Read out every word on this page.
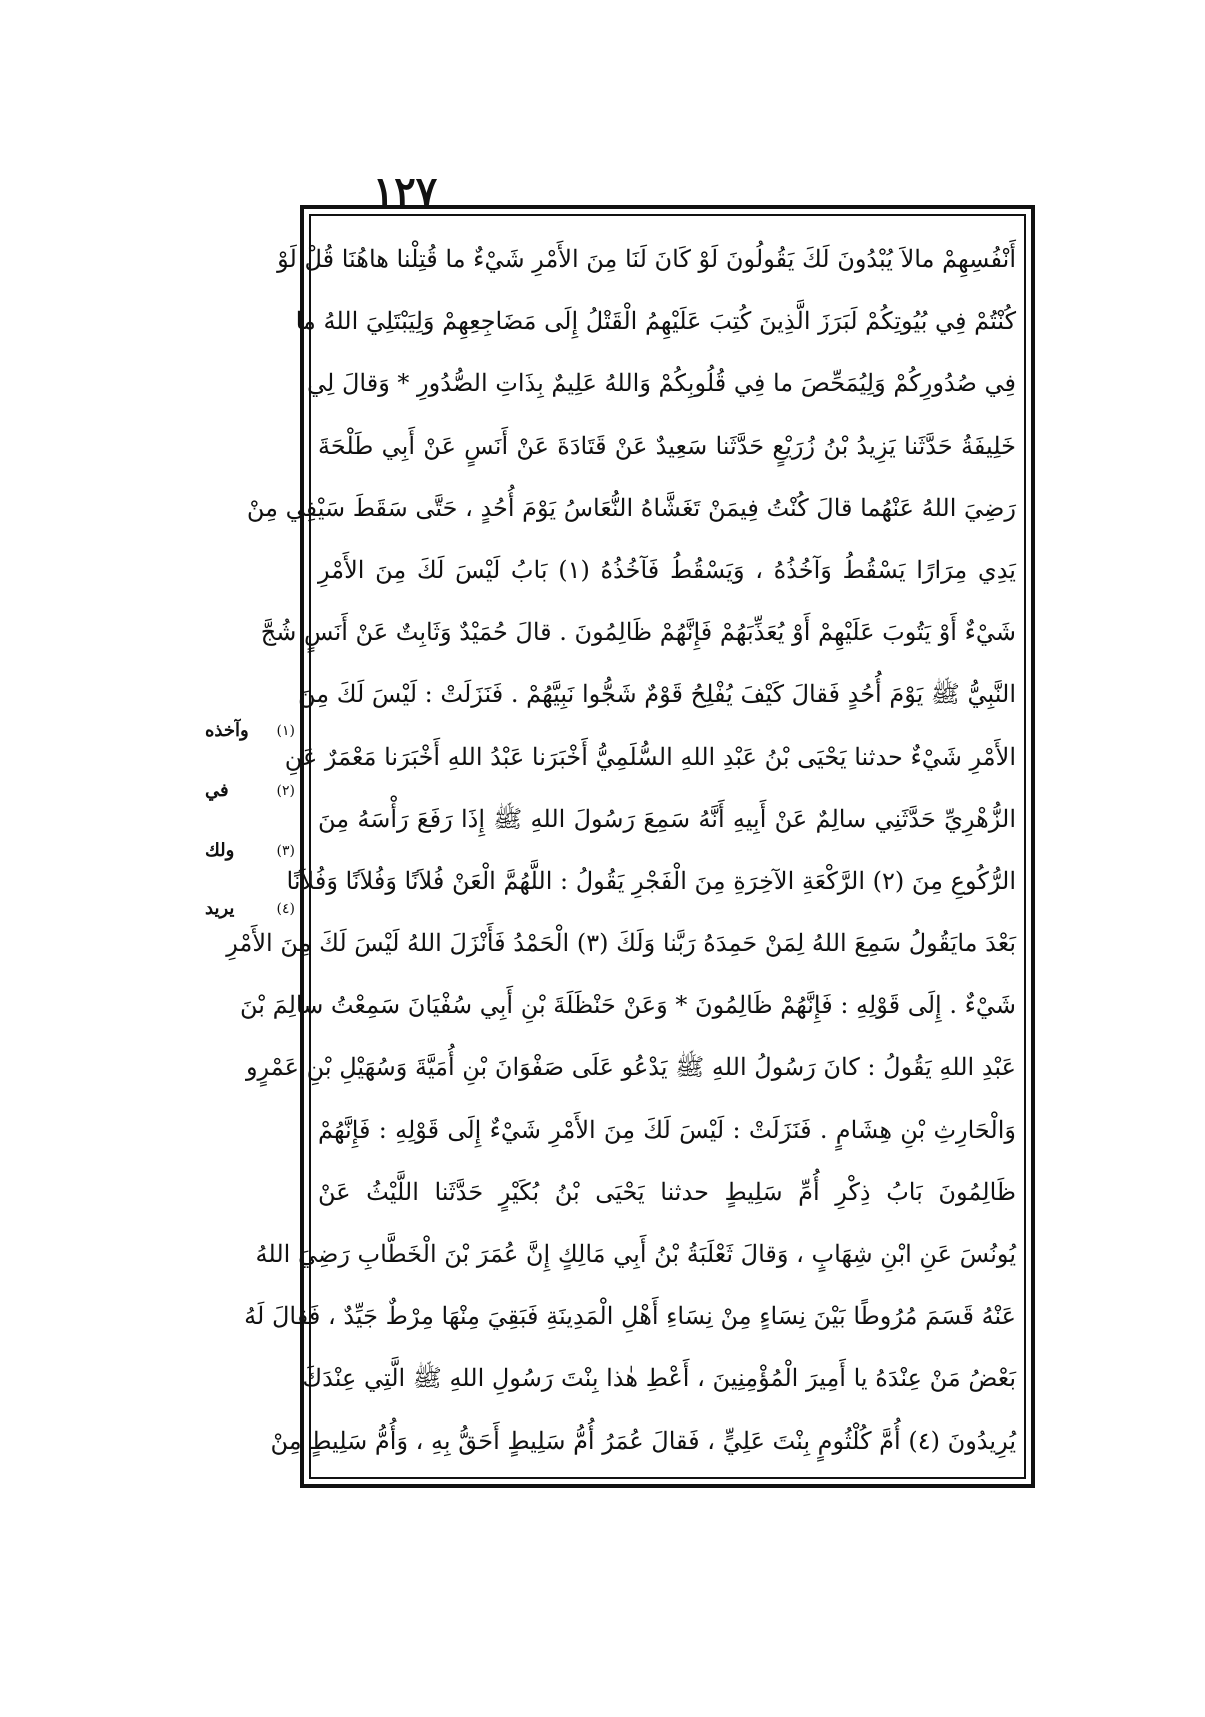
١٢٧
أَنْفُسِهِمْ مالاَ يُبْدُونَ لَكَ يَقُولُونَ لَوْ كَانَ لَنَا مِنَ الأَمْرِ شَيْءٌ ما قُتِلْنا هاهُنَا قُلْ لَوْ
كُنْتُمْ فِي بُيُوتِكُمْ لَبَرَزَ الَّذِينَ كُتِبَ عَلَيْهِمُ الْقَتْلُ إِلَى مَضَاجِعِهِمْ وَلِيَبْتَلِيَ اللهُ ما
فِي صُدُورِكُمْ وَلِيُمَحِّصَ ما فِي قُلُوبِكُمْ وَاللهُ عَلِيمٌ بِذَاتِ الصُّدُورِ * وَقالَ لِي
خَلِيفَةُ حَدَّثَنا يَزِيدُ بْنُ زُرَيْعٍ حَدَّثَنا سَعِيدٌ عَنْ قَتَادَةَ عَنْ أَنَسٍ عَنْ أَبِي طَلْحَةَ
رَضِيَ اللهُ عَنْهُما قالَ كُنْتُ فِيمَنْ تَغَشَّاهُ النُّعَاسُ يَوْمَ أُحُدٍ ، حَتَّى سَقَطَ سَيْفِي مِنْ
يَدِي مِرَارًا يَسْقُطُ وَآخُذُهُ ، وَيَسْقُطُ فَآخُذُهُ (١) بَابُ لَيْسَ لَكَ مِنَ الأَمْرِ
شَيْءٌ أَوْ يَتُوبَ عَلَيْهِمْ أَوْ يُعَذِّبَهُمْ فَإِنَّهُمْ ظَالِمُونَ . قالَ حُمَيْدٌ وَثَابِتٌ عَنْ أَنَسٍ شُجَّ
النَّبِيُّ ﷺ يَوْمَ أُحُدٍ فَقالَ كَيْفَ يُفْلِحُ قَوْمٌ شَجُّوا نَبِيَّهُمْ . فَنَزَلَتْ : لَيْسَ لَكَ مِنَ
الأَمْرِ شَيْءٌ حدثنا يَحْيَى بْنُ عَبْدِ اللهِ السُّلَمِيُّ أَخْبَرَنا عَبْدُ اللهِ أَخْبَرَنا مَعْمَرٌ عَنِ
الزُّهْرِيِّ حَدَّثَنِي سالِمٌ عَنْ أَبِيهِ أَنَّهُ سَمِعَ رَسُولَ اللهِ ﷺ إِذَا رَفَعَ رَأْسَهُ مِنَ
الرُّكُوعِ مِنَ (٢) الرَّكْعَةِ الآخِرَةِ مِنَ الْفَجْرِ يَقُولُ : اللَّهُمَّ الْعَنْ فُلاَنًا وَفُلاَنًا وَفُلاَنًا
بَعْدَ مايَقُولُ سَمِعَ اللهُ لِمَنْ حَمِدَهُ رَبَّنا وَلَكَ (٣) الْحَمْدُ فَأَنْزَلَ اللهُ لَيْسَ لَكَ مِنَ الأَمْرِ
شَيْءٌ . إِلَى قَوْلِهِ : فَإِنَّهُمْ ظَالِمُونَ * وَعَنْ حَنْظَلَةَ بْنِ أَبِي سُفْيَانَ سَمِعْتُ سالِمَ بْنَ
عَبْدِ اللهِ يَقُولُ : كانَ رَسُولُ اللهِ ﷺ يَدْعُو عَلَى صَفْوَانَ بْنِ أُمَيَّةَ وَسُهَيْلِ بْنِ عَمْرٍو
وَالْحَارِثِ بْنِ هِشَامٍ . فَنَزَلَتْ : لَيْسَ لَكَ مِنَ الأَمْرِ شَيْءٌ إِلَى قَوْلِهِ : فَإِنَّهُمْ
ظَالِمُونَ بَابُ ذِكْرِ أُمِّ سَلِيطٍ حدثنا يَحْيَى بْنُ بُكَيْرٍ حَدَّثَنا اللَّيْثُ عَنْ
يُونُسَ عَنِ ابْنِ شِهَابٍ ، وَقالَ ثَعْلَبَةُ بْنُ أَبِي مَالِكٍ إِنَّ عُمَرَ بْنَ الْخَطَّابِ رَضِيَ اللهُ
عَنْهُ قَسَمَ مُرُوطًا بَيْنَ نِسَاءٍ مِنْ نِسَاءِ أَهْلِ الْمَدِينَةِ فَبَقِيَ مِنْهَا مِرْطٌ جَيِّدٌ ، فَقالَ لَهُ
بَعْضُ مَنْ عِنْدَهُ يا أَمِيرَ الْمُؤْمِنِينَ ، أَعْطِ هٰذا بِنْتَ رَسُولِ اللهِ ﷺ الَّتِي عِنْدَكَ
يُرِيدُونَ (٤) أُمَّ كُلْثُومٍ بِنْتَ عَلِيٍّ ، فَقالَ عُمَرُ أُمُّ سَلِيطٍ أَحَقُّ بِهِ ، وَأُمُّ سَلِيطٍ مِنْ
(١)
وآخذه
(٢)
في
(٣)
ولك
(٤)
يريد
